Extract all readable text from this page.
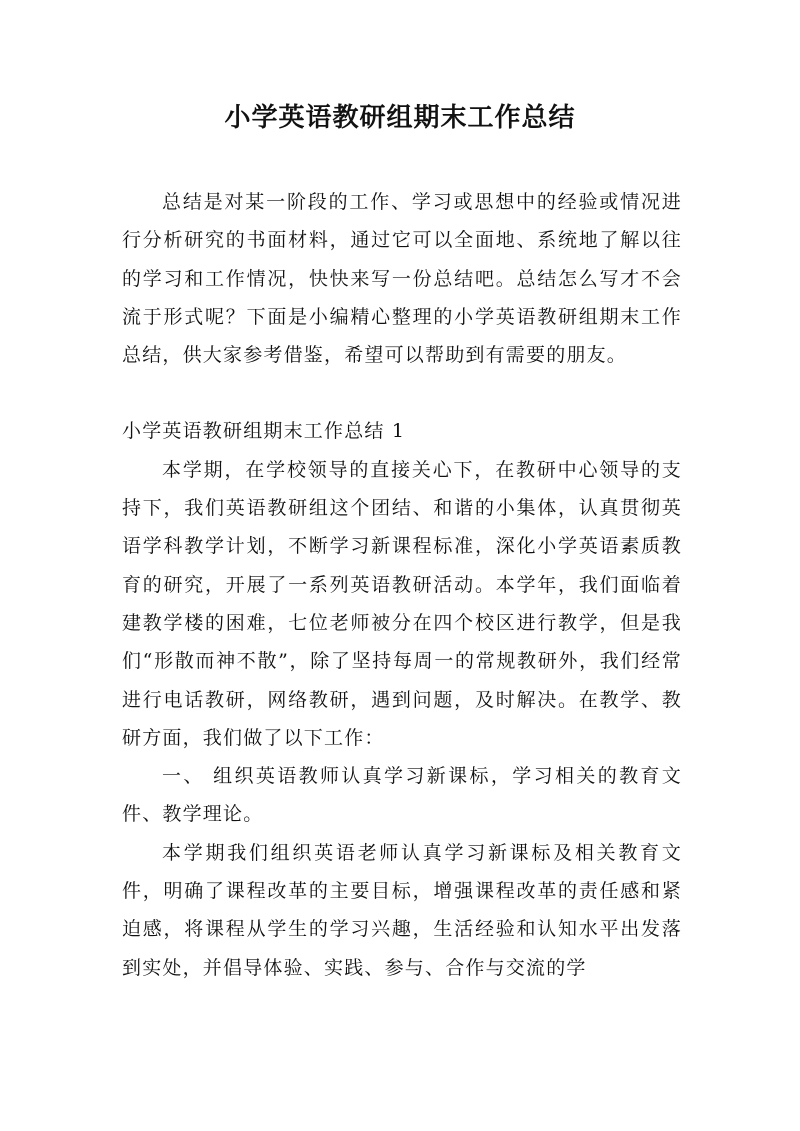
小学英语教研组期末工作总结

总结是对某一阶段的工作、学习或思想中的经验或情况进行分析研究的书面材料，通过它可以全面地、系统地了解以往的学习和工作情况，快快来写一份总结吧。总结怎么写才不会流于形式呢？下面是小编精心整理的小学英语教研组期末工作总结，供大家参考借鉴，希望可以帮助到有需要的朋友。

小学英语教研组期末工作总结 1

本学期，在学校领导的直接关心下，在教研中心领导的支持下，我们英语教研组这个团结、和谐的小集体，认真贯彻英语学科教学计划，不断学习新课程标准，深化小学英语素质教育的研究，开展了一系列英语教研活动。本学年，我们面临着建教学楼的困难，七位老师被分在四个校区进行教学，但是我们“形散而神不散”，除了坚持每周一的常规教研外，我们经常进行电话教研，网络教研，遇到问题，及时解决。在教学、教研方面，我们做了以下工作：

一、 组织英语教师认真学习新课标，学习相关的教育文件、教学理论。

本学期我们组织英语老师认真学习新课标及相关教育文件，明确了课程改革的主要目标，增强课程改革的责任感和紧迫感，将课程从学生的学习兴趣，生活经验和认知水平出发落到实处，并倡导体验、实践、参与、合作与交流的学
